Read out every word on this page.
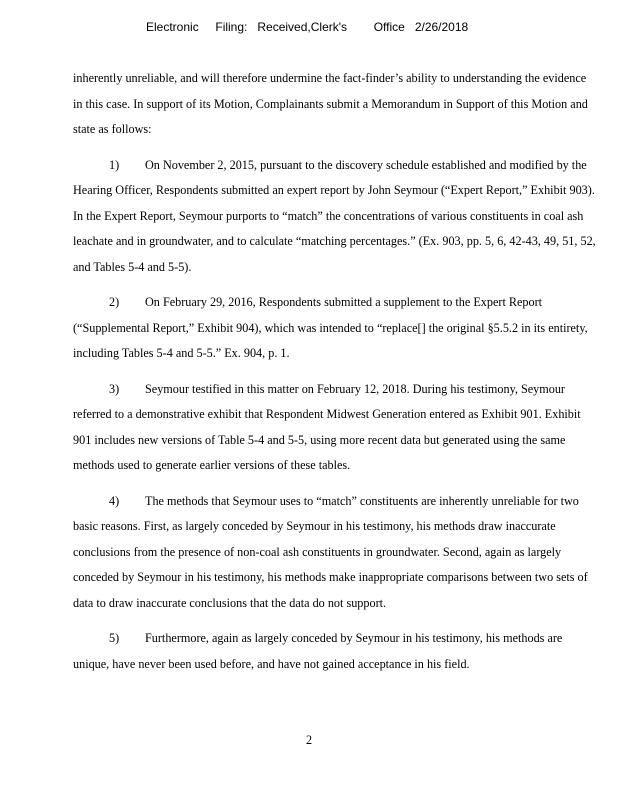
Electronic     Filing:   Received,Clerk's        Office   2/26/2018

inherently unreliable, and will therefore undermine the fact-finder’s ability to understanding the evidence in this case. In support of its Motion, Complainants submit a Memorandum in Support of this Motion and state as follows:

1) On November 2, 2015, pursuant to the discovery schedule established and modified by the Hearing Officer, Respondents submitted an expert report by John Seymour (“Expert Report,” Exhibit 903). In the Expert Report, Seymour purports to “match” the concentrations of various constituents in coal ash leachate and in groundwater, and to calculate “matching percentages.” (Ex. 903, pp. 5, 6, 42-43, 49, 51, 52, and Tables 5-4 and 5-5).

2) On February 29, 2016, Respondents submitted a supplement to the Expert Report (“Supplemental Report,” Exhibit 904), which was intended to “replace[] the original §5.5.2 in its entirety, including Tables 5-4 and 5-5.” Ex. 904, p. 1.

3) Seymour testified in this matter on February 12, 2018. During his testimony, Seymour referred to a demonstrative exhibit that Respondent Midwest Generation entered as Exhibit 901. Exhibit 901 includes new versions of Table 5-4 and 5-5, using more recent data but generated using the same methods used to generate earlier versions of these tables.

4) The methods that Seymour uses to “match” constituents are inherently unreliable for two basic reasons. First, as largely conceded by Seymour in his testimony, his methods draw inaccurate conclusions from the presence of non-coal ash constituents in groundwater. Second, again as largely conceded by Seymour in his testimony, his methods make inappropriate comparisons between two sets of data to draw inaccurate conclusions that the data do not support.

5) Furthermore, again as largely conceded by Seymour in his testimony, his methods are unique, have never been used before, and have not gained acceptance in his field.

2
